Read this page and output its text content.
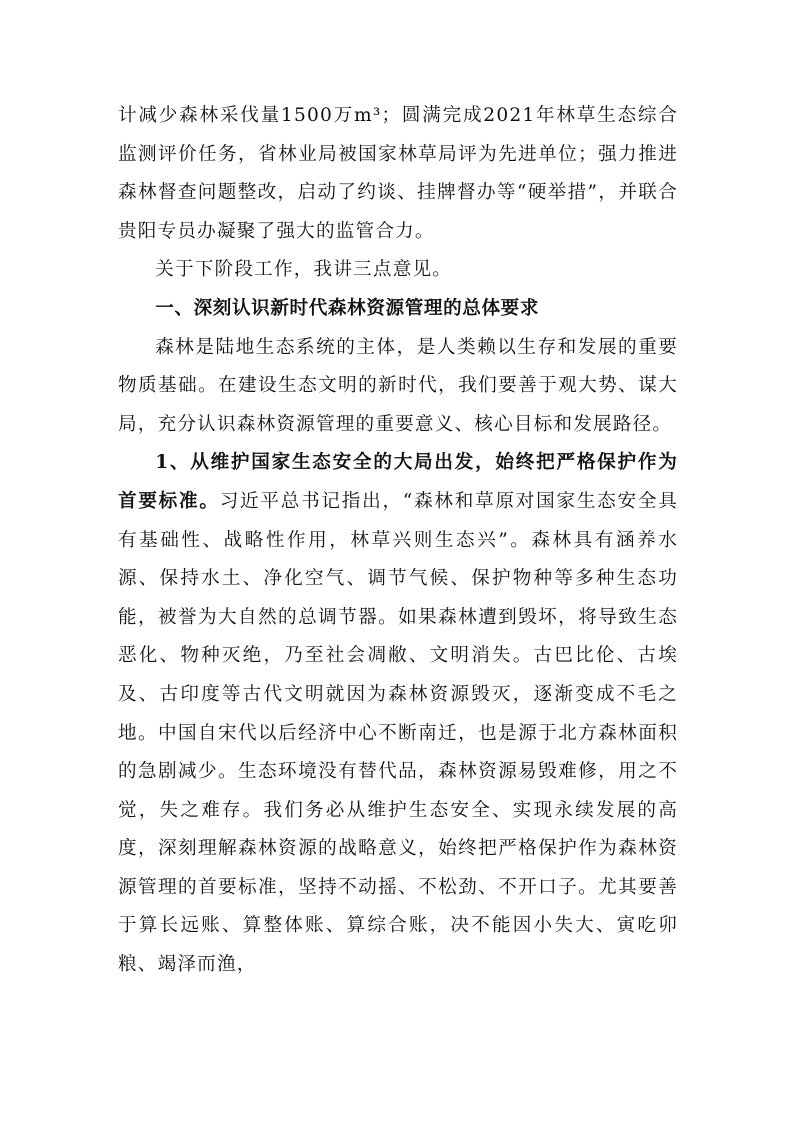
计减少森林采伐量1500万m³；圆满完成2021年林草生态综合监测评价任务，省林业局被国家林草局评为先进单位；强力推进森林督查问题整改，启动了约谈、挂牌督办等“硬举措”，并联合贵阳专员办凝聚了强大的监管合力。

关于下阶段工作，我讲三点意见。

一、深刻认识新时代森林资源管理的总体要求

森林是陆地生态系统的主体，是人类赖以生存和发展的重要物质基础。在建设生态文明的新时代，我们要善于观大势、谋大局，充分认识森林资源管理的重要意义、核心目标和发展路径。

1、从维护国家生态安全的大局出发，始终把严格保护作为首要标准。习近平总书记指出，“森林和草原对国家生态安全具有基础性、战略性作用，林草兴则生态兴”。森林具有涵养水源、保持水土、净化空气、调节气候、保护物种等多种生态功能，被誉为大自然的总调节器。如果森林遭到毁坏，将导致生态恶化、物种灭绝，乃至社会凋敝、文明消失。古巴比伦、古埃及、古印度等古代文明就因为森林资源毁灭，逐渐变成不毛之地。中国自宋代以后经济中心不断南迁，也是源于北方森林面积的急剧减少。生态环境没有替代品，森林资源易毁难修，用之不觉，失之难存。我们务必从维护生态安全、实现永续发展的高度，深刻理解森林资源的战略意义，始终把严格保护作为森林资源管理的首要标准，坚持不动摇、不松劲、不开口子。尤其要善于算长远账、算整体账、算综合账，决不能因小失大、寅吃卯粮、竭泽而渔，
